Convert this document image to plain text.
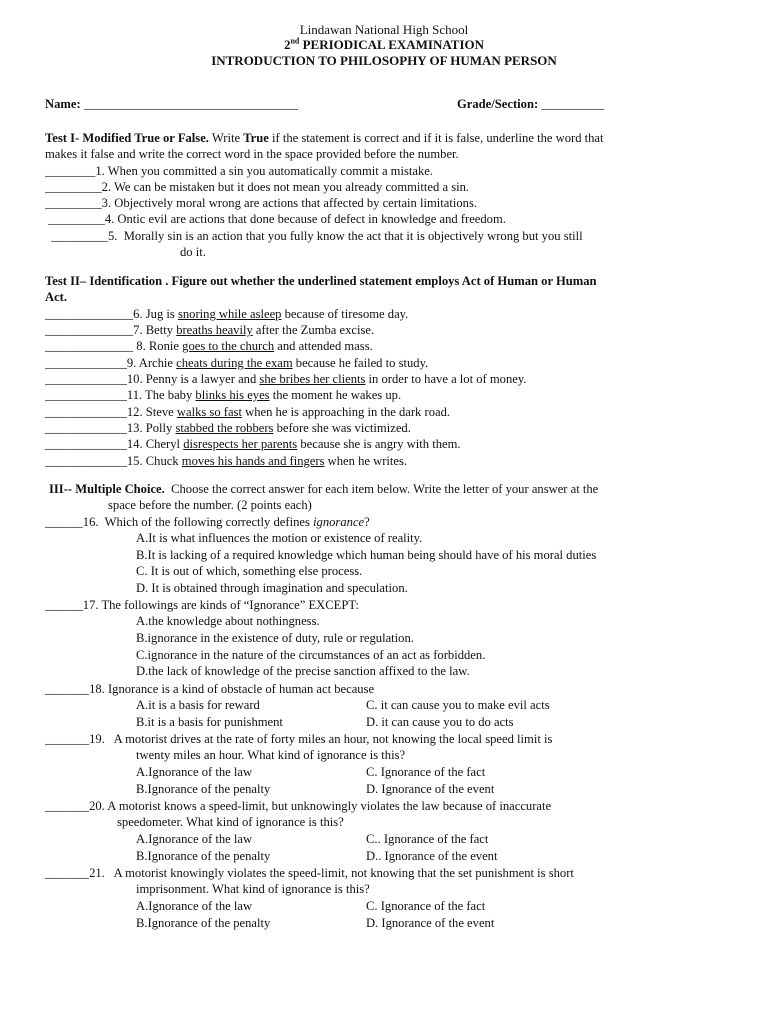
Lindawan National High School
2nd PERIODICAL EXAMINATION
INTRODUCTION TO PHILOSOPHY OF HUMAN PERSON
Name: __________________________________	Grade/Section: __________
Test I- Modified True or False. Write True if the statement is correct and if it is false, underline the word that
makes it false and write the correct word in the space provided before the number.
________1. When you committed a sin you automatically commit a mistake.
_________2. We can be mistaken but it does not mean you already committed a sin.
_________3. Objectively moral wrong are actions that affected by certain limitations.
_________4. Ontic evil are actions that done because of defect in knowledge and freedom.
_________5.  Morally sin is an action that you fully know the act that it is objectively wrong but you still
do it.
Test II– Identification . Figure out whether the underlined statement employs Act of Human or Human
Act.
______________6. Jug is snoring while asleep because of tiresome day.
______________7. Betty breaths heavily after the Zumba excise.
______________ 8. Ronie goes to the church and attended mass.
_____________9. Archie cheats during the exam because he failed to study.
_____________10. Penny is a lawyer and she bribes her clients in order to have a lot of money.
_____________11. The baby blinks his eyes the moment he wakes up.
_____________12. Steve walks so fast when he is approaching in the dark road.
_____________13. Polly stabbed the robbers before she was victimized.
_____________14. Cheryl disrespects her parents because she is angry with them.
_____________15. Chuck moves his hands and fingers when he writes.
III-- Multiple Choice.  Choose the correct answer for each item below. Write the letter of your answer at the
space before the number. (2 points each)
______16.  Which of the following correctly defines ignorance?
A.It is what influences the motion or existence of reality.
B.It is lacking of a required knowledge which human being should have of his moral duties
C. It is out of which, something else process.
D. It is obtained through imagination and speculation.
______17. The followings are kinds of “Ignorance” EXCEPT:
A.the knowledge about nothingness.
B.ignorance in the existence of duty, rule or regulation.
C.ignorance in the nature of the circumstances of an act as forbidden.
D.the lack of knowledge of the precise sanction affixed to the law.
_______18. Ignorance is a kind of obstacle of human act because
A.it is a basis for reward	C. it can cause you to make evil acts
B.it is a basis for punishment	D. it can cause you to do acts
_______19.   A motorist drives at the rate of forty miles an hour, not knowing the local speed limit is
twenty miles an hour. What kind of ignorance is this?
A.Ignorance of the law	C. Ignorance of the fact
B.Ignorance of the penalty	D. Ignorance of the event
_______20. A motorist knows a speed-limit, but unknowingly violates the law because of inaccurate
speedometer. What kind of ignorance is this?
A.Ignorance of the law	C.. Ignorance of the fact
B.Ignorance of the penalty	D.. Ignorance of the event
_______21.   A motorist knowingly violates the speed-limit, not knowing that the set punishment is short
imprisonment. What kind of ignorance is this?
A.Ignorance of the law	C. Ignorance of the fact
B.Ignorance of the penalty	D. Ignorance of the event
